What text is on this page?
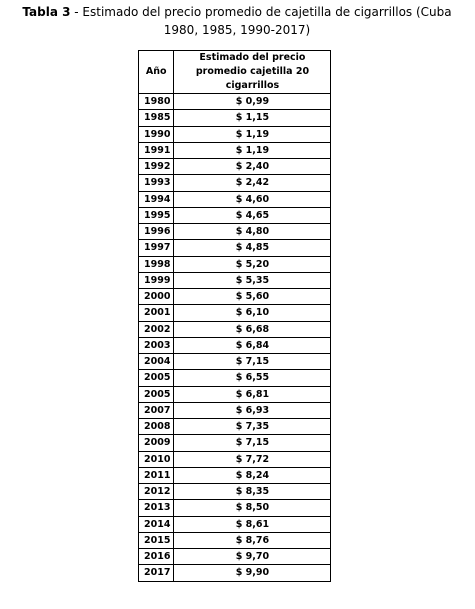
Tabla 3 - Estimado del precio promedio de cajetilla de cigarrillos (Cuba 1980, 1985, 1990-2017)
Año	Estimado del precio promedio cajetilla 20 cigarrillos
1980	$ 0,99
1985	$ 1,15
1990	$ 1,19
1991	$ 1,19
1992	$ 2,40
1993	$ 2,42
1994	$ 4,60
1995	$ 4,65
1996	$ 4,80
1997	$ 4,85
1998	$ 5,20
1999	$ 5,35
2000	$ 5,60
2001	$ 6,10
2002	$ 6,68
2003	$ 6,84
2004	$ 7,15
2005	$ 6,55
2005	$ 6,81
2007	$ 6,93
2008	$ 7,35
2009	$ 7,15
2010	$ 7,72
2011	$ 8,24
2012	$ 8,35
2013	$ 8,50
2014	$ 8,61
2015	$ 8,76
2016	$ 9,70
2017	$ 9,90
